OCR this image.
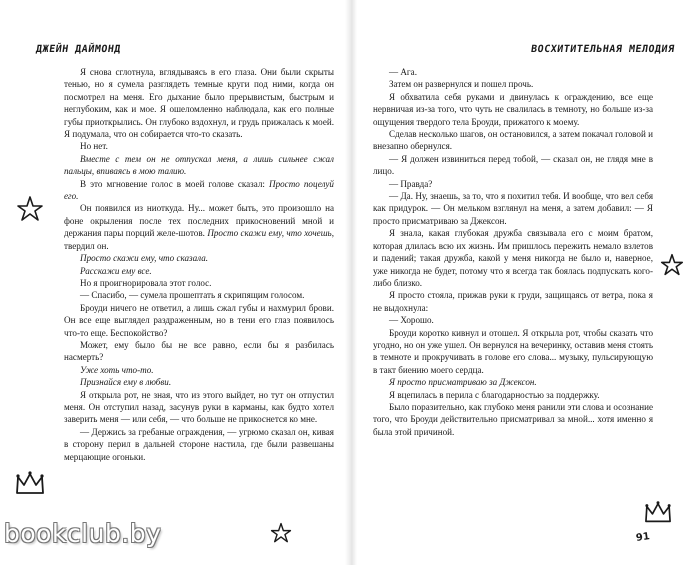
ДЖЕЙН ДАЙМОНД

Я снова сглотнула, вглядываясь в его глаза. Они были скрыты тенью, но я сумела разглядеть темные круги под ними, когда он посмотрел на меня. Его дыхание было прерывистым, быстрым и неглубоким, как и мое. Я ошеломленно наблюдала, как его полные губы приоткрылись. Он глубоко вздохнул, и грудь прижалась к моей. Я подумала, что он собирается что-то сказать.

Но нет.

Вместе с тем он не отпускал меня, а лишь сильнее сжал пальцы, впиваясь в мою талию.

В это мгновение голос в моей голове сказал: Просто поцелуй его.

Он появился из ниоткуда. Ну... может быть, это произошло на фоне окрыления после тех последних прикосновений мной и держания пары порций желе-шотов. Просто скажи ему, что хочешь, твердил он.

Просто скажи ему, что сказала.

Расскажи ему все.

Но я проигнорировала этот голос.

— Спасибо, — сумела прошептать я скрипящим голосом.

Броуди ничего не ответил, а лишь сжал губы и нахмурил брови. Он все еще выглядел раздраженным, но в тени его глаз появилось что-то еще. Беспокойство?

Может, ему было бы не все равно, если бы я разбилась насмерть?

Уже хоть что-то.

Признайся ему в любви.

Я открыла рот, не зная, что из этого выйдет, но тут он отпустил меня. Он отступил назад, засунув руки в карманы, как будто хотел заверить меня — или себя, — что больше не прикоснется ко мне.

— Держись за гребаные ограждения, — угрюмо сказал он, кивая в сторону перил в дальней стороне настила, где были развешаны мерцающие огоньки.

bookclub.by
ВОСХИТИТЕЛЬНАЯ МЕЛОДИЯ

— Ага.

Затем он развернулся и пошел прочь.

Я обхватила себя руками и двинулась к ограждению, все еще нервничая из-за того, что чуть не свалилась в темноту, но больше из-за ощущения твердого тела Броуди, прижатого к моему.

Сделав несколько шагов, он остановился, а затем покачал головой и внезапно обернулся.

— Я должен извиниться перед тобой, — сказал он, не глядя мне в лицо.

— Правда?

— Да. Ну, знаешь, за то, что я похитил тебя. И вообще, что вел себя как придурок. — Он мельком взглянул на меня, а затем добавил: — Я просто присматриваю за Джексон.

Я знала, какая глубокая дружба связывала его с моим братом, которая длилась всю их жизнь. Им пришлось пережить немало взлетов и падений; такая дружба, какой у меня никогда не было и, наверное, уже никогда не будет, потому что я всегда так боялась подпускать кого-либо близко.

Я просто стояла, прижав руки к груди, защищаясь от ветра, пока я не выдохнула:

— Хорошо.

Броуди коротко кивнул и отошел. Я открыла рот, чтобы сказать что угодно, но он уже ушел. Он вернулся на вечеринку, оставив меня стоять в темноте и прокручивать в голове его слова... музыку, пульсирующую в такт биению моего сердца.

Я просто присматриваю за Джексон.

Я вцепилась в перила с благодарностью за поддержку.

Было поразительно, как глубоко меня ранили эти слова и осознание того, что Броуди действительно присматривал за мной... хотя именно я была этой причиной.

91
